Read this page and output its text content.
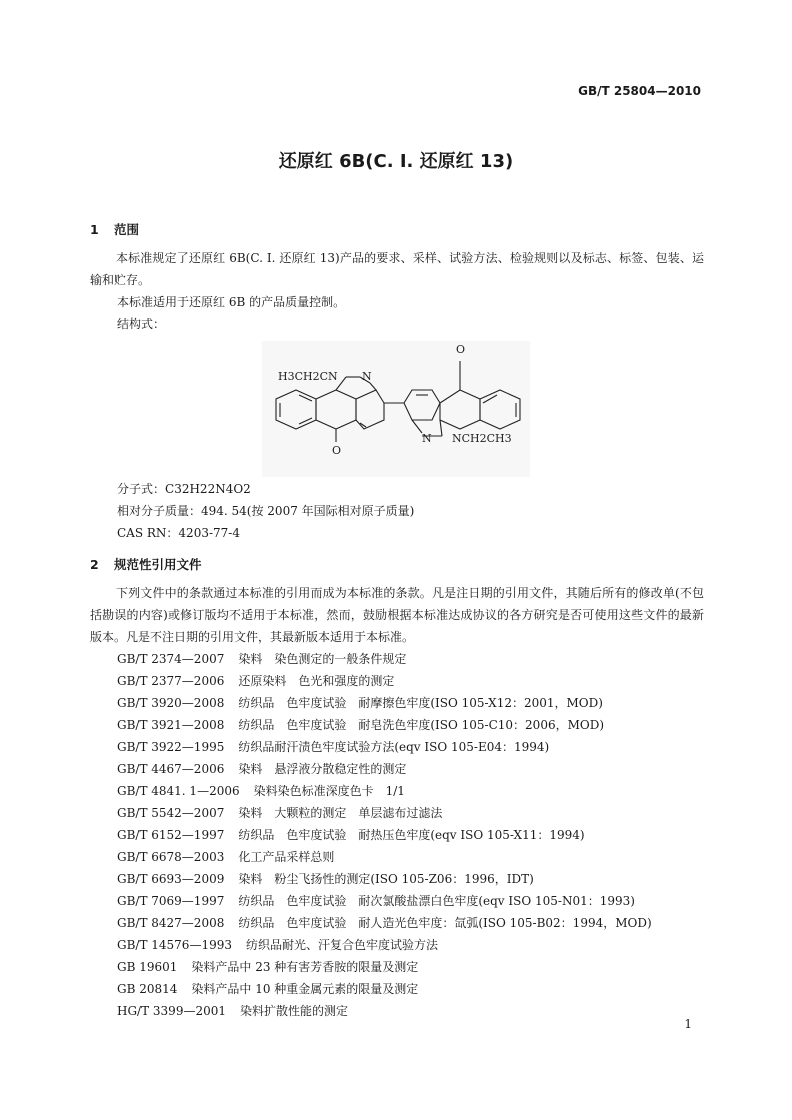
GB/T 25804—2010
还原红 6B(C. I. 还原红 13)
1 范围
本标准规定了还原红 6B(C. I. 还原红 13)产品的要求、采样、试验方法、检验规则以及标志、标签、包装、运输和贮存。
本标准适用于还原红 6B 的产品质量控制。
结构式：
O
O
H3CH2CN N
N NCH2CH3
分子式：C32H22N4O2
相对分子质量：494. 54(按 2007 年国际相对原子质量)
CAS RN：4203-77-4
2 规范性引用文件
下列文件中的条款通过本标准的引用而成为本标准的条款。凡是注日期的引用文件，其随后所有的修改单(不包括勘误的内容)或修订版均不适用于本标准，然而，鼓励根据本标准达成协议的各方研究是否可使用这些文件的最新版本。凡是不注日期的引用文件，其最新版本适用于本标准。
GB/T 2374—2007 染料　染色测定的一般条件规定
GB/T 2377—2006 还原染料　色光和强度的测定
GB/T 3920—2008 纺织品　色牢度试验　耐摩擦色牢度(ISO 105-X12：2001，MOD)
GB/T 3921—2008 纺织品　色牢度试验　耐皂洗色牢度(ISO 105-C10：2006，MOD)
GB/T 3922—1995 纺织品耐汗渍色牢度试验方法(eqv ISO 105-E04：1994)
GB/T 4467—2006 染料　悬浮液分散稳定性的测定
GB/T 4841. 1—2006 染料染色标准深度色卡　1/1
GB/T 5542—2007 染料　大颗粒的测定　单层滤布过滤法
GB/T 6152—1997 纺织品　色牢度试验　耐热压色牢度(eqv ISO 105-X11：1994)
GB/T 6678—2003 化工产品采样总则
GB/T 6693—2009 染料　粉尘飞扬性的测定(ISO 105-Z06：1996，IDT)
GB/T 7069—1997 纺织品　色牢度试验　耐次氯酸盐漂白色牢度(eqv ISO 105-N01：1993)
GB/T 8427—2008 纺织品　色牢度试验　耐人造光色牢度：氙弧(ISO 105-B02：1994，MOD)
GB/T 14576—1993 纺织品耐光、汗复合色牢度试验方法
GB 19601 染料产品中 23 种有害芳香胺的限量及测定
GB 20814 染料产品中 10 种重金属元素的限量及测定
HG/T 3399—2001 染料扩散性能的测定
1
